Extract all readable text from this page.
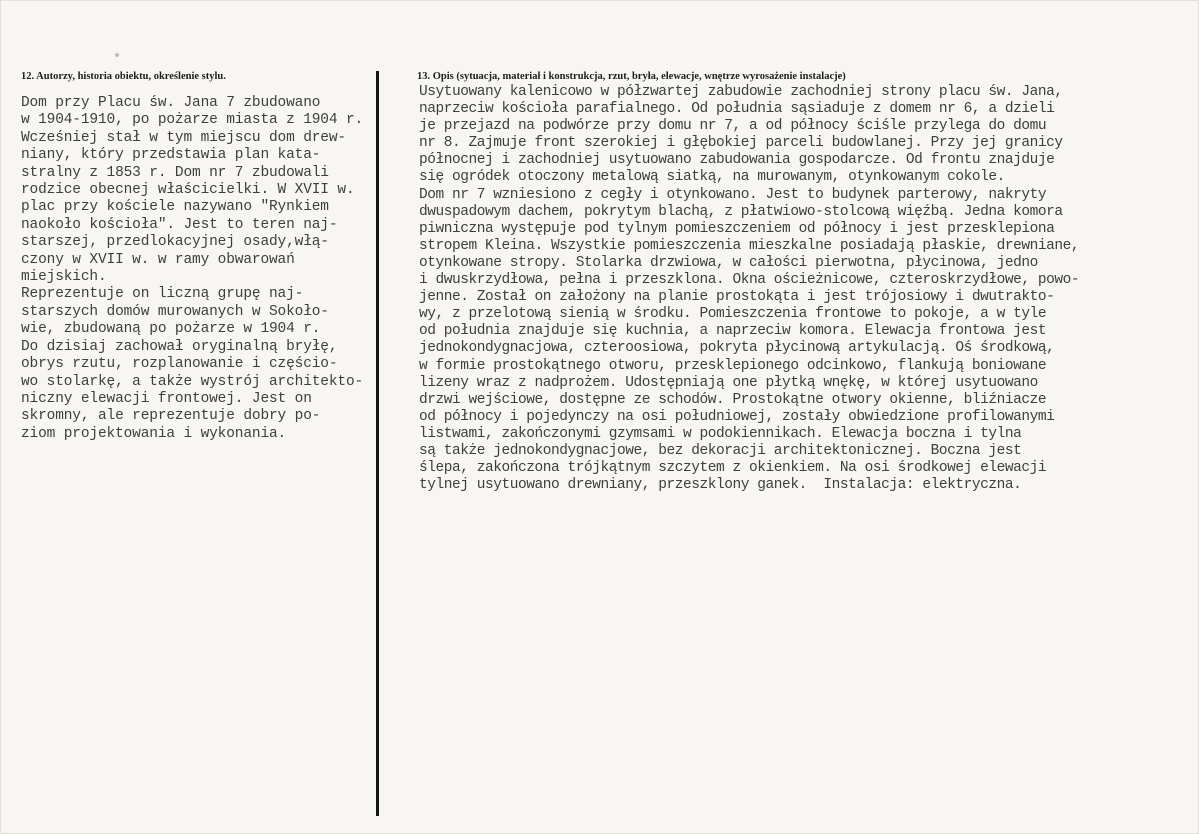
12. Autorzy, historia obiektu, określenie stylu.	13. Opis (sytuacja, materiał i konstrukcja, rzut, bryła, elewacje, wnętrze wyrosażenie instalacje)
Dom przy Placu św. Jana 7 zbudowano
w 1904-1910, po pożarze miasta z 1904 r.
Wcześniej stał w tym miejscu dom drew-
niany, który przedstawia plan kata-
stralny z 1853 r. Dom nr 7 zbudowali
rodzice obecnej właścicielki. W XVII w.
plac przy kościele nazywano "Rynkiem
naokoło kościoła". Jest to teren naj-
starszej, przedlokacyjnej osady,włą-
czony w XVII w. w ramy obwarowań
miejskich.
Reprezentuje on liczną grupę naj-
starszych domów murowanych w Sokoło-
wie, zbudowaną po pożarze w 1904 r.
Do dzisiaj zachował oryginalną bryłę,
obrys rzutu, rozplanowanie i częścio-
wo stolarkę, a także wystrój architekto-
niczny elewacji frontowej. Jest on
skromny, ale reprezentuje dobry po-
ziom projektowania i wykonania.
Usytuowany kalenicowo w półzwartej zabudowie zachodniej strony placu św. Jana,
naprzeciw kościoła parafialnego. Od południa sąsiaduje z domem nr 6, a dzieli
je przejazd na podwórze przy domu nr 7, a od północy ściśle przylega do domu
nr 8. Zajmuje front szerokiej i głębokiej parceli budowlanej. Przy jej granicy
północnej i zachodniej usytuowano zabudowania gospodarcze. Od frontu znajduje
się ogródek otoczony metalową siatką, na murowanym, otynkowanym cokole.
Dom nr 7 wzniesiono z cegły i otynkowano. Jest to budynek parterowy, nakryty
dwuspadowym dachem, pokrytym blachą, z płatwiowo-stolcową więźbą. Jedna komora
piwniczna występuje pod tylnym pomieszczeniem od północy i jest przesklepiona
stropem Kleina. Wszystkie pomieszczenia mieszkalne posiadają płaskie, drewniane,
otynkowane stropy. Stolarka drzwiowa, w całości pierwotna, płycinowa, jedno
i dwuskrzydłowa, pełna i przeszklona. Okna ościeżnicowe, czteroskrzydłowe, powo-
jenne. Został on założony na planie prostokąta i jest trójosiowy i dwutrakto-
wy, z przelotową sienią w środku. Pomieszczenia frontowe to pokoje, a w tyle
od południa znajduje się kuchnia, a naprzeciw komora. Elewacja frontowa jest
jednokondygnacjowa, czteroosiowa, pokryta płycinową artykulacją. Oś środkową,
w formie prostokątnego otworu, przesklepionego odcinkowo, flankują boniowane
lizeny wraz z nadprożem. Udostępniają one płytką wnękę, w której usytuowano
drzwi wejściowe, dostępne ze schodów. Prostokątne otwory okienne, bliźniacze
od północy i pojedynczy na osi południowej, zostały obwiedzione profilowanymi
listwami, zakończonymi gzymsami w podokiennikach. Elewacja boczna i tylna
są także jednokondygnacjowe, bez dekoracji architektonicznej. Boczna jest
ślepa, zakończona trójkątnym szczytem z okienkiem. Na osi środkowej elewacji
tylnej usytuowano drewniany, przeszklony ganek.  Instalacja: elektryczna.
